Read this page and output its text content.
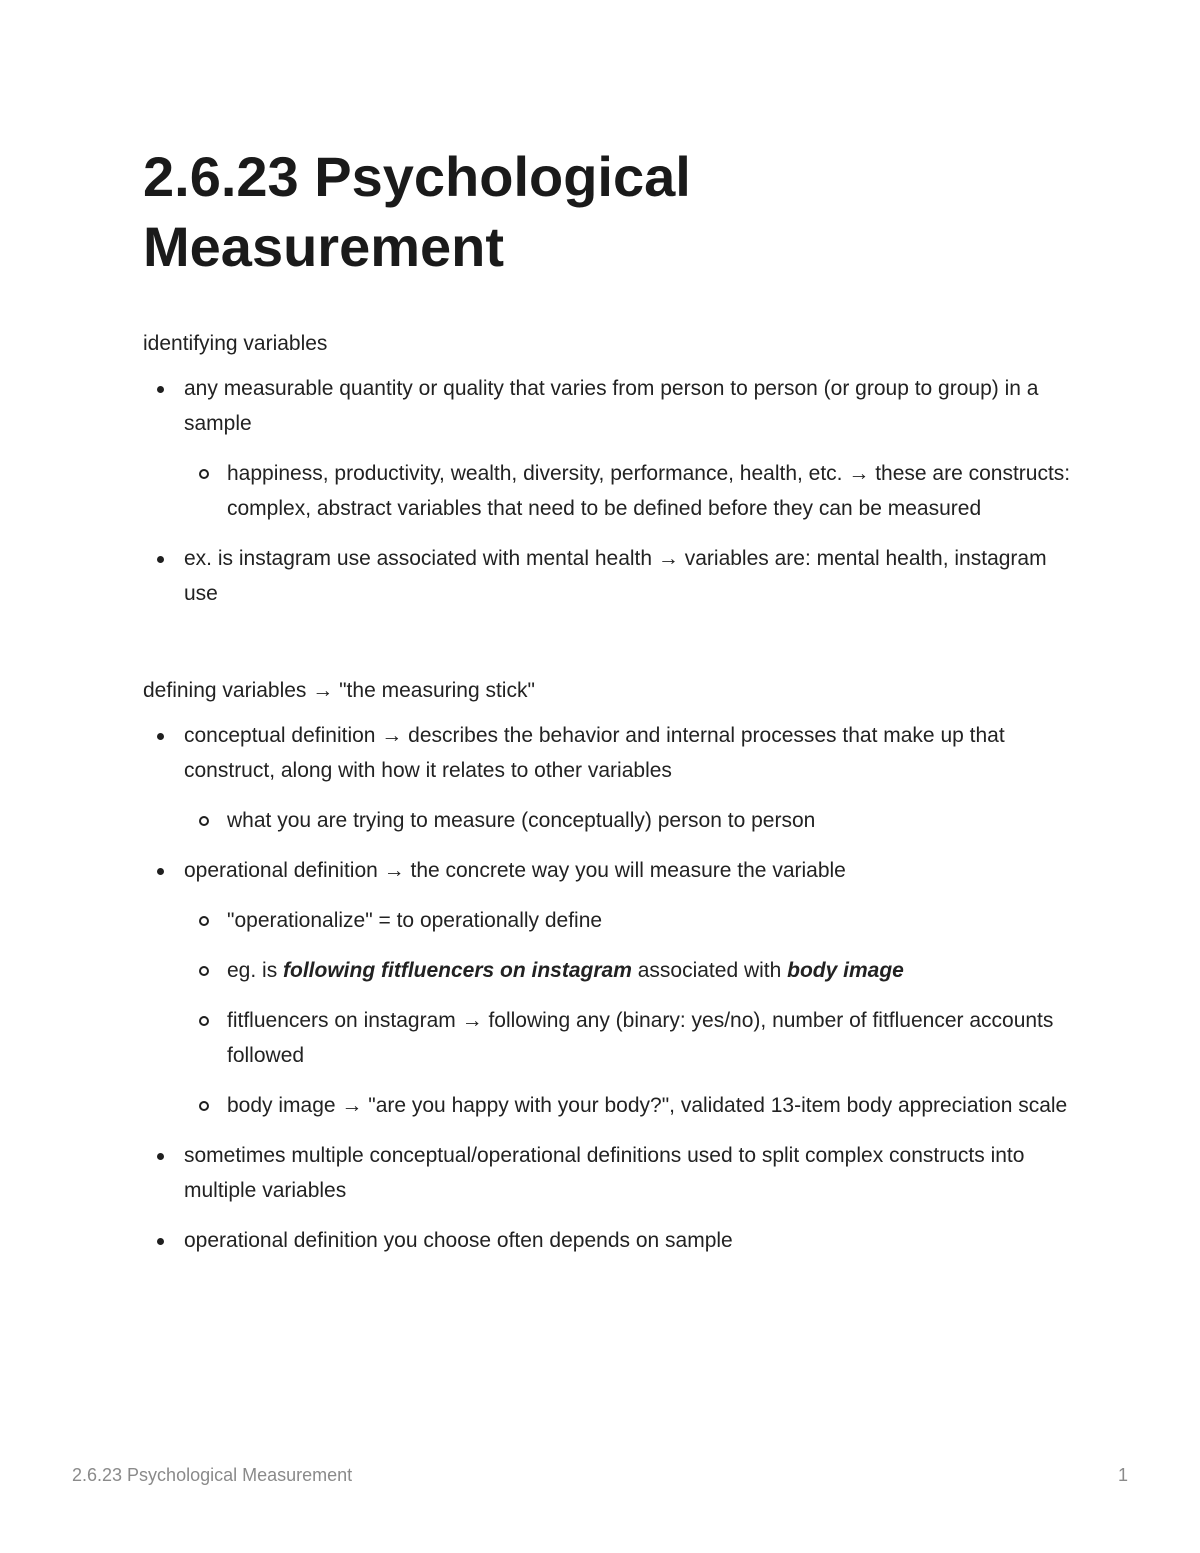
2.6.23 Psychological Measurement

identifying variables

any measurable quantity or quality that varies from person to person (or group to group) in a sample
happiness, productivity, wealth, diversity, performance, health, etc. → these are constructs: complex, abstract variables that need to be defined before they can be measured
ex. is instagram use associated with mental health → variables are: mental health, instagram use

defining variables → "the measuring stick"

conceptual definition → describes the behavior and internal processes that make up that construct, along with how it relates to other variables
what you are trying to measure (conceptually) person to person
operational definition → the concrete way you will measure the variable
"operationalize" = to operationally define
eg. is following fitfluencers on instagram associated with body image
fitfluencers on instagram → following any (binary: yes/no), number of fitfluencer accounts followed
body image → "are you happy with your body?", validated 13-item body appreciation scale
sometimes multiple conceptual/operational definitions used to split complex constructs into multiple variables
operational definition you choose often depends on sample
2.6.23 Psychological Measurement	1
